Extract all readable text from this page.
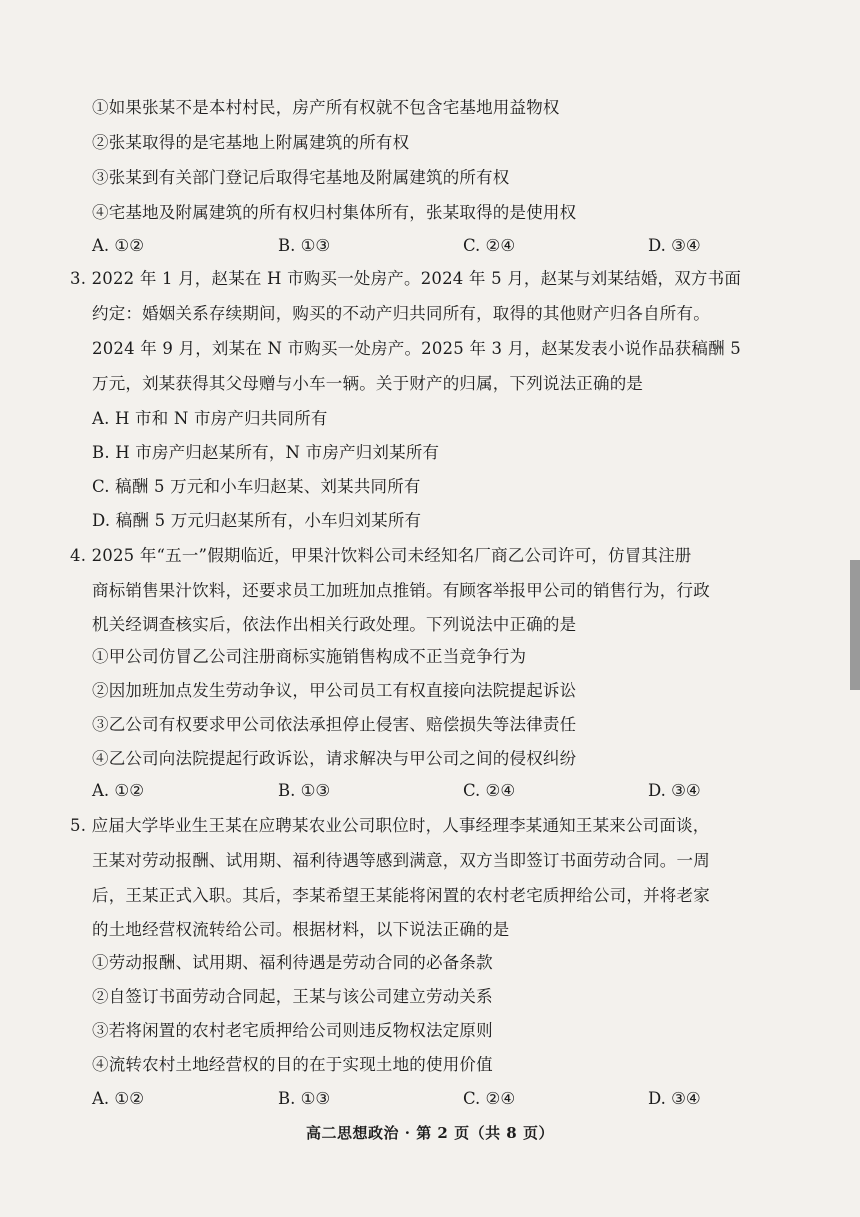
①如果张某不是本村村民，房产所有权就不包含宅基地用益物权
②张某取得的是宅基地上附属建筑的所有权
③张某到有关部门登记后取得宅基地及附属建筑的所有权
④宅基地及附属建筑的所有权归村集体所有，张某取得的是使用权
A. ①②	B. ①③	C. ②④	D. ③④
3. 2022 年 1 月，赵某在 H 市购买一处房产。2024 年 5 月，赵某与刘某结婚，双方书面
约定：婚姻关系存续期间，购买的不动产归共同所有，取得的其他财产归各自所有。
2024 年 9 月，刘某在 N 市购买一处房产。2025 年 3 月，赵某发表小说作品获稿酬 5
万元，刘某获得其父母赠与小车一辆。关于财产的归属，下列说法正确的是
A. H 市和 N 市房产归共同所有
B. H 市房产归赵某所有，N 市房产归刘某所有
C. 稿酬 5 万元和小车归赵某、刘某共同所有
D. 稿酬 5 万元归赵某所有，小车归刘某所有
4. 2025 年“五一”假期临近，甲果汁饮料公司未经知名厂商乙公司许可，仿冒其注册
商标销售果汁饮料，还要求员工加班加点推销。有顾客举报甲公司的销售行为，行政
机关经调查核实后，依法作出相关行政处理。下列说法中正确的是
①甲公司仿冒乙公司注册商标实施销售构成不正当竞争行为
②因加班加点发生劳动争议，甲公司员工有权直接向法院提起诉讼
③乙公司有权要求甲公司依法承担停止侵害、赔偿损失等法律责任
④乙公司向法院提起行政诉讼，请求解决与甲公司之间的侵权纠纷
A. ①②	B. ①③	C. ②④	D. ③④
5. 应届大学毕业生王某在应聘某农业公司职位时，人事经理李某通知王某来公司面谈，
王某对劳动报酬、试用期、福利待遇等感到满意，双方当即签订书面劳动合同。一周
后，王某正式入职。其后，李某希望王某能将闲置的农村老宅质押给公司，并将老家
的土地经营权流转给公司。根据材料，以下说法正确的是
①劳动报酬、试用期、福利待遇是劳动合同的必备条款
②自签订书面劳动合同起，王某与该公司建立劳动关系
③若将闲置的农村老宅质押给公司则违反物权法定原则
④流转农村土地经营权的目的在于实现土地的使用价值
A. ①②	B. ①③	C. ②④	D. ③④
高二思想政治 · 第 2 页（共 8 页）
